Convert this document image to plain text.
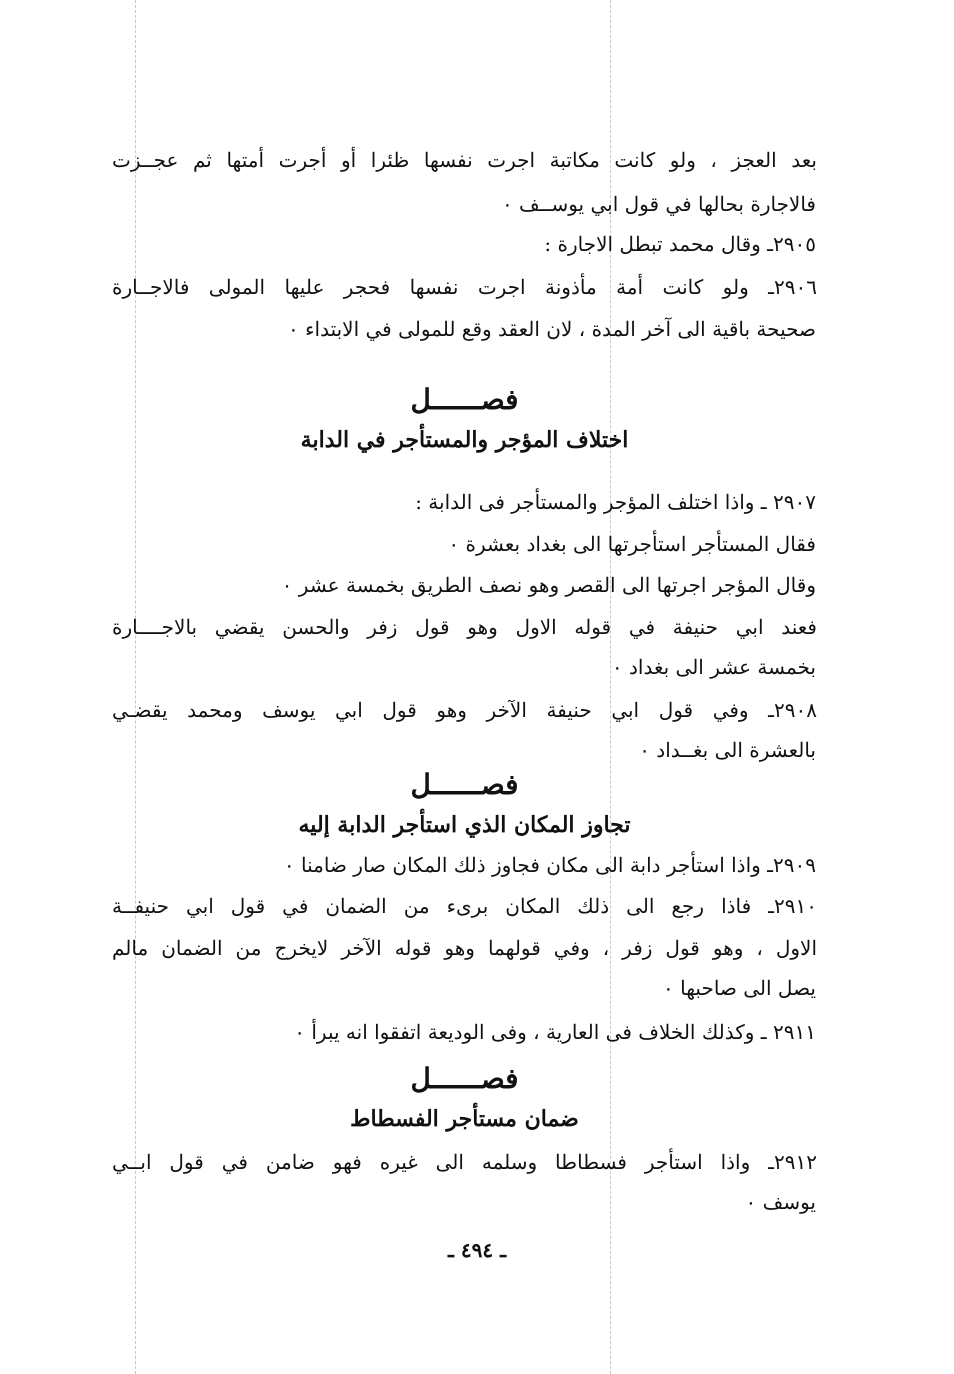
بعد العجز ، ولو كانت مكاتبة اجرت نفسها ظئرا أو أجرت أمتها ثم عجــزت
فالاجارة بحالها في قول ابي يوســف ٠
٢٩٠٥ـ وقال محمد تبطل الاجارة :
٢٩٠٦ـ ولو كانت أمة مأذونة اجرت نفسها فحجر عليها المولى فالاجــارة
صحيحة باقية الى آخر المدة ، لان العقد وقع للمولى في الابتداء ٠
فصــــــل
اختلاف المؤجر والمستأجر في الدابة
٢٩٠٧ ـ واذا اختلف المؤجر والمستأجر فى الدابة :
فقال المستأجر استأجرتها الى بغداد بعشرة ٠
وقال المؤجر اجرتها الى القصر وهو نصف الطريق بخمسة عشر ٠
فعند ابي حنيفة في قوله الاول وهو قول زفر والحسن يقضي بالاجــــارة
بخمسة عشر الى بغداد ٠
٢٩٠٨ـ وفي قول ابي حنيفة الآخر وهو قول ابي يوسف ومحمد يقضـي
بالعشرة الى بغــداد ٠
فصــــــل
تجاوز المكان الذي استأجر الدابة إليه
٢٩٠٩ـ واذا استأجر دابة الى مكان فجاوز ذلك المكان صار ضامنا ٠
٢٩١٠ـ فاذا رجع الى ذلك المكان برىء من الضمان في قول ابي حنيفــة
الاول ، وهو قول زفر ، وفي قولهما وهو قوله الآخر لايخرج من الضمان مالم
يصل الى صاحبها ٠
٢٩١١ ـ وكذلك الخلاف فى العارية ، وفى الوديعة اتفقوا انه يبرأ ٠
فصــــــل
ضمان مستأجر الفسطاط
٢٩١٢ـ واذا استأجر فسطاطا وسلمه الى غيره فهو ضامن في قول ابــي
يوسف ٠
ـ ٤٩٤ ـ
